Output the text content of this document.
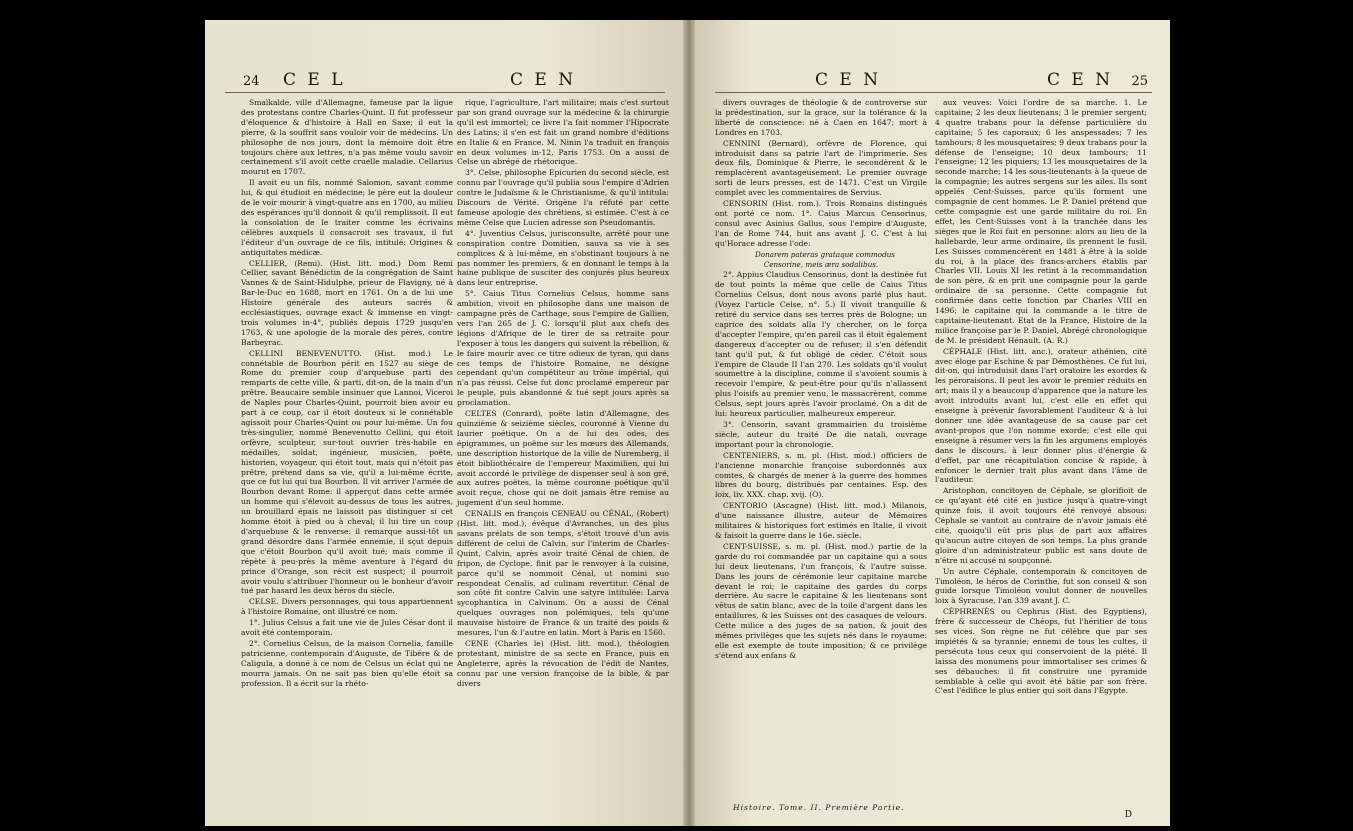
24 C E L	C E N

Smalkalde, ville d'Allemagne, fameuse par la ligue des protestans contre Charles-Quint. Il fut professeur d'éloquence & d'histoire à Hall en Saxe; il eut la pierre, & la souffrit sans vouloir voir de médecins. Un philosophe de nos jours, dont la mémoire doit être toujours chère aux lettres, n'a pas même voulu savoir certainement s'il avoit cette cruelle maladie. Cellarius mourut en 1707.

Il avoit eu un fils, nommé Salomon, savant comme lui, & qui étudioit en médecine; le père eut la douleur de le voir mourir à vingt-quatre ans en 1700, au milieu des espérances qu'il donnoit & qu'il remplissoit. Il eut la consolation de le traiter comme les écrivains célèbres auxquels il consacroit ses travaux, il fut l'éditeur d'un ouvrage de ce fils, intitulé: Origines & antiquitates medicæ.

CELLIER, (Remi). (Hist. litt. mod.) Dom Remi Cellier, savant Bénédictin de la congrégation de Saint Vannes & de Saint-Hidulphe, prieur de Flavigny, né à Bar-le-Duc en 1688, mort en 1761. On a de lui une Histoire générale des auteurs sacrés & ecclésiastiques, ouvrage exact & immense en vingt-trois volumes in-4°, publiés depuis 1729 jusqu'en 1763, & une apologie de la morale des pères, contre Barbeyrac.

CELLINI BENEVENUTTO. (Hist. mod.) Le connétable de Bourbon périt en 1527 au siège de Rome du premier coup d'arquebuse parti des remparts de cette ville, & parti, dit-on, de la main d'un prêtre. Beaucaire semble insinuer que Lannoi, Viceroi de Naples pour Charles-Quint, pourroit bien avoir eu part à ce coup, car il étoit douteux si le connétable agissoit pour Charles-Quint ou pour lui-même. Un fou très-singulier, nommé Benevenutto Cellini, qui étoit orfèvre, sculpteur, sur-tout ouvrier très-habile en médailles, soldat, ingénieur, musicien, poëte, historien, voyageur, qui étoit tout, mais qui n'étoit pas prêtre, prétend dans sa vie, qu'il a lui-même écrite, que ce fut lui qui tua Bourbon. Il vit arriver l'armée de Bourbon devant Rome: il apperçut dans cette armée un homme qui s'élevoit au-dessus de tous les autres, un brouillard épais ne laissoit pas distinguer si cet homme étoit à pied ou à cheval; il lui tire un coup d'arquebuse & le renverse: il remarque aussi-tôt un grand désordre dans l'armée ennemie, il sçut depuis que c'étoit Bourbon qu'il avoit tué; mais comme il répète à peu-près la même aventure à l'égard du prince d'Orange, son récit est suspect; il pourroit avoir voulu s'attribuer l'honneur ou le bonheur d'avoir tué par hasard les deux héros du siècle.

CELSE. Divers personnages, qui tous appartiennent à l'histoire Romaine, ont illustré ce nom.

1°. Julius Celsus a fait une vie de Jules César dont il avoit été contemporain.

2°. Cornelius Celsus, de la maison Cornelia, famille patricienne, contemporain d'Auguste, de Tibère & de Caligula, a donné à ce nom de Celsus un éclat qui ne mourra jamais. On ne sait pas bien qu'elle étoit sa profession. Il a écrit sur la rhéto-

rique, l'agriculture, l'art militaire; mais c'est surtout par son grand ouvrage sur la médecine & la chirurgie qu'il est immortel; ce livre l'a fait nommer l'Hipocrate des Latins; il s'en est fait un grand nombre d'éditions en Italie & en France. M. Ninin l'a traduit en françois en deux volumes in-12, Paris 1753. On a aussi de Celse un abrégé de rhétorique.

3°. Celse, philosophe Epicurien du second siècle, est connu par l'ouvrage qu'il publia sous l'empire d'Adrien contre le Judaïsme & le Christianisme, & qu'il intitula: Discours de Vérité. Origène l'a réfuté par cette fameuse apologie des chrétiens, si estimée. C'est à ce même Celse que Lucien adresse son Pseudomantis.

4°. Juventius Celsus, jurisconsulte, arrêté pour une conspiration contre Domitien, sauva sa vie à ses complices & à lui-même, en s'obstinant toujours à ne pas nommer les premiers, & en donnant le temps à la haine publique de susciter des conjurés plus heureux dans leur entreprise.

5°. Caius Titus Cornelius Celsus, homme sans ambition, vivoit en philosophe dans une maison de campagne près de Carthage, sous l'empire de Gallien, vers l'an 265 de J. C. lorsqu'il plut aux chefs des légions d'Afrique de le tirer de sa retraite pour l'exposer à tous les dangers qui suivent la rébellion, & le faire mourir avec ce titre odieux de tyran, qui dans ces temps de l'histoire Romaine, ne désigne cependant qu'un compétiteur au trône impérial, qui n'a pas réussi. Celse fut donc proclamé empereur par le peuple, puis abandonné & tué sept jours après sa proclamation.

CELTES (Conrard), poëte latin d'Allemagne, des quinzième & seizième siècles, couronné à Vienne du laurier poétique. On a de lui des odes, des épigrammes, un poëme sur les mœurs des Allemands, une description historique de la ville de Nuremberg, il étoit bibliothécaire de l'empereur Maximilien, qui lui avoit accordé le privilège de dispenser seul à son gré, aux autres poëtes, la même couronne poétique qu'il avoit reçue, chose qui ne doit jamais être remise au jugement d'un seul homme.

CENALIS en françois CENEAU ou CÉNAL, (Robert) (Hist. litt. mod.), évêque d'Avranches, un des plus savans prélats de son temps, s'étoit trouvé d'un avis différent de celui de Calvin, sur l'interim de Charles-Quint, Calvin, après avoir traité Cénal de chien, de fripon, de Cyclope, finit par le renvoyer à la cuisine, parce qu'il se nommoit Cénal, ut nomini suo respondeat Cenalis, ad culinam revertitur. Cénal de son côté fit contre Calvin une satyre intitulée: Larva sycophantica in Calvinum. On a aussi de Cénal quelques ouvrages non polémiques, tels qu'une mauvaise histoire de France & un traité des poids & mesures, l'un & l'autre en latin. Mort à Paris en 1560.

CENE (Charles le) (Hist. litt. mod.), théologien protestant, ministre de sa secte en France, puis en Angleterre, après la révocation de l'édit de Nantes, connu par une version françoise de la bible, & par divers

C E N	C E N 25

divers ouvrages de théologie & de controverse sur la prédestination, sur la grace, sur la tolérance & la liberté de conscience: né à Caen en 1647; mort à Londres en 1703.

CENNINI (Bernard), orfèvre de Florence, qui introduisit dans sa patrie l'art de l'imprimerie. Ses deux fils, Dominique & Pierre, le secondèrent & le remplacèrent avantageusement. Le premier ouvrage sorti de leurs presses, est de 1471. C'est un Virgile complet avec les commentaires de Servius.

CENSORIN (Hist. rom.). Trois Romains distingués ont porté ce nom. 1°. Caius Marcus Censorinus, consul avec Asinius Gallus, sous l'empire d'Auguste, l'an de Rome 744, huit ans avant J. C. C'est à lui qu'Horace adresse l'ode:

Donarem pateras grataque commodus
Censorine, meis æra sodalibus.

2°. Appius Claudius Censorinus, dont la destinée fut de tout points la même que celle de Caius Titus Cornelius Celsus, dont nous avons parlé plus haut. (Voyez l'article Celse, n°. 5.) Il vivoit tranquille & retiré du service dans ses terres près de Bologne; un caprice des soldats alla l'y chercher, on le força d'accepter l'empire, qu'en pareil cas il étoit également dangereux d'accepter ou de refuser; il s'en défendit tant qu'il put, & fut obligé de céder. C'étoit sous l'empire de Claude II l'an 270. Les soldats qu'il voulut soumettre à la discipline, comme il s'avoient soumis à recevoir l'empire, & peut-être pour qu'ils n'allassent plus l'oisifs au premier venu, le massacrèrent, comme Celsus, sept jours après l'avoir proclamé. On a dit de lui: heureux particulier, malheureux empereur.

3°. Censorin, savant grammairien du troisième siècle, auteur du traité De die natali, ouvrage important pour la chronologie.

CENTENIERS, s. m. pl. (Hist. mod.) officiers de l'ancienne monarchie françoise subordonnés aux comtes, & chargés de mener à la guerre des hommes libres du bourg, distribués par centaines. Esp. des loix, liv. XXX. chap. xvij. (O).

CENTORIO (Ascagne) (Hist. litt. mod.) Milanois, d'une naissance illustre, auteur de Mémoires militaires & historiques fort estimés en Italie, il vivoit & faisoit la guerre dans le 16e. siècle.

CENT-SUISSE, s. m. pl. (Hist. mod.) partie de la garde du roi commandée par un capitaine qui a sous lui deux lieutenans, l'un françois, & l'autre suisse. Dans les jours de cérémonie leur capitaine marche devant le roi; le capitaine des gardes du corps derrière. Au sacre le capitaine & les lieutenans sont vêtus de satin blanc, avec de la toile d'argent dans les entaillures, & les Suisses ont des casaques de velours. Cette milice a des juges de sa nation, & jouit des mêmes privilèges que les sujets nés dans le royaume: elle est exempte de toute imposition; & ce privilège s'étend aux enfans &

aux veuves: Voici l'ordre de sa marche. 1. Le capitaine; 2 les deux lieutenans; 3 le premier sergent; 4 quatre trabans pour la défense particulière du capitaine; 5 les caporaux; 6 les anspessades; 7 les tambours; 8 les mousquetaires; 9 deux trabans pour la défense de l'enseigne; 10 deux tambours; 11 l'enseigne; 12 les piquiers; 13 les mousquetaires de la seconde marche; 14 les sous-lieutenants à la queue de la compagnie; les autres sergens sur les ailes. Ils sont appelés Cent-Suisses, parce qu'ils forment une compagnie de cent hommes. Le P. Daniel prétend que cette compagnie est une garde militaire du roi. En effet, les Cent-Suisses vont à la tranchée dans les sièges que le Roi fait en personne: alors au lieu de la hallebarde, leur arme ordinaire, ils prennent le fusil. Les Suisses commencèrent en 1481 à être à la solde du roi, à la place des francs-archers établis par Charles VII. Louis XI les retint à la recommandation de son père, & en prit une compagnie pour la garde ordinaire de sa personne. Cette compagnie fut confirmée dans cette fonction par Charles VIII en 1496; le capitaine qui la commande a le titre de capitaine-lieutenant. Etat de la France, Histoire de la milice françoise par le P. Daniel, Abrégé chronologique de M. le président Hénault. (A. R.)

CÉPHALE (Hist. litt. anc.), orateur athénien, cité avec éloge par Eschine & par Démosthènes. Ce fut lui, dit-on, qui introduisit dans l'art oratoire les exordes & les péroraisons. Il peut les avoir le premier réduits en art; mais il y a beaucoup d'apparence que la nature les avoit introduits avant lui, c'est elle en effet qui enseigne à prévenir favorablement l'auditeur & à lui donner une idée avantageuse de sa cause par cet avant-propos que l'on nomme exorde; c'est elle qui enseigne à résumer vers la fin les argumens employés dans le discours, à leur donner plus d'énergie & d'effet, par une récapitulation concise & rapide, à enfoncer le dernier trait plus avant dans l'âme de l'auditeur.

Aristophon, concitoyen de Céphale, se glorifioit de ce qu'ayant été cité en justice jusqu'à quatre-vingt quinze fois, il avoit toujours été renvoyé absous: Céphale se vantoit au contraire de n'avoir jamais été cité, quoiqu'il eût pris plus de part aux affaires qu'aucun autre citoyen de son temps. La plus grande gloire d'un administrateur public est sans doute de n'être ni accusé ni soupçonné.

Un autre Céphale, contemporain & concitoyen de Timoléon, le héros de Corinthe, fut son conseil & son guide lorsque Timoléon voulut donner de nouvelles loix à Syracuse, l'an 339 avant J. C.

CÉPHRENÈS ou Cephrus (Hist. des Egyptiens), frère & successeur de Chéops, fut l'héritier de tous ses vices. Son règne ne fut célèbre que par ses impiétés & sa tyrannie; ennemi de tous les cultes, il persécuta tous ceux qui conservoient de la piété. Il laissa des monumens pour immortaliser ses crimes & ses débauches: il fit construire une pyramide semblable à celle qui avoit été bâtie par son frère. C'est l'édifice le plus entier qui soit dans l'Egypte.

Histoire. Tome. II. Première Partie.
D
